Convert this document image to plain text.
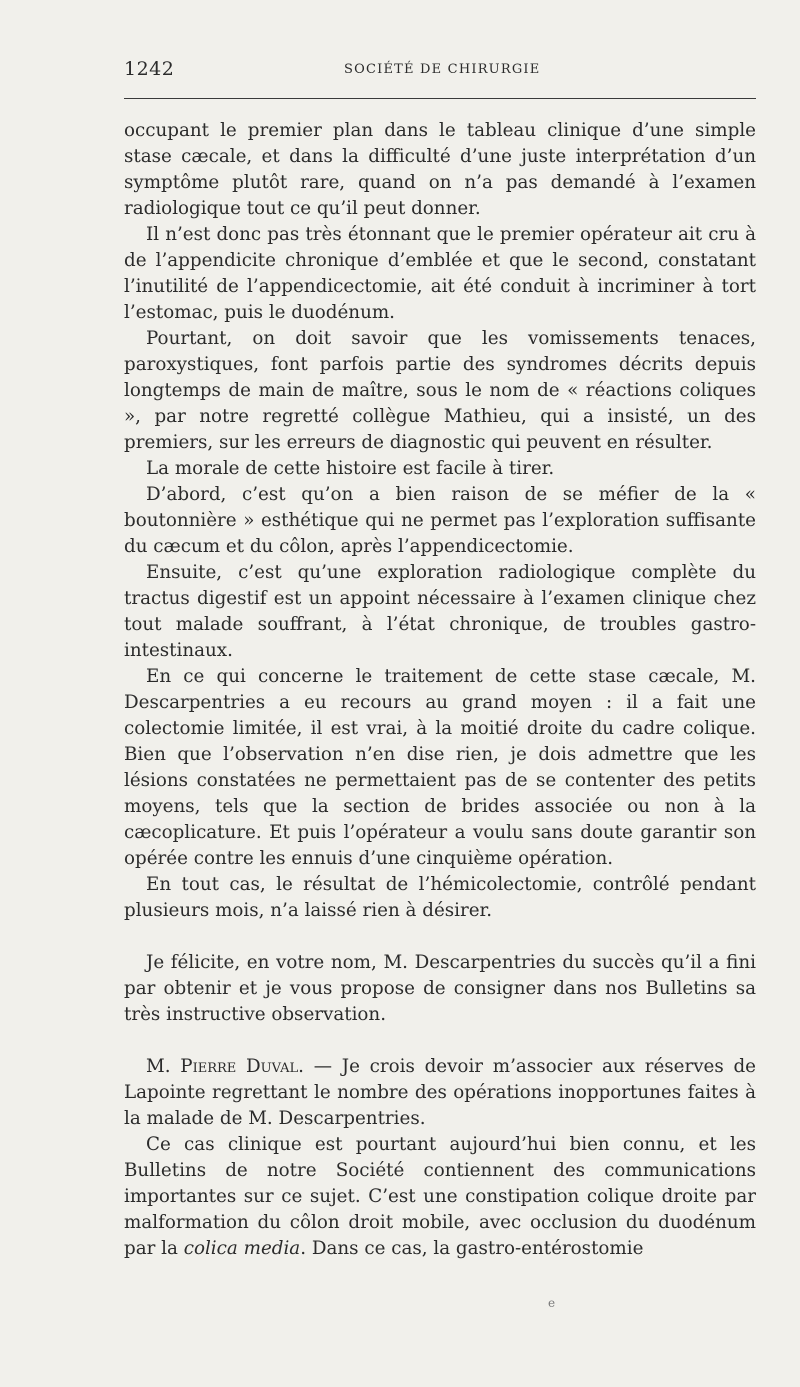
1242	SOCIÉTÉ DE CHIRURGIE

occupant le premier plan dans le tableau clinique d’une simple stase cæcale, et dans la difficulté d’une juste interprétation d’un symptôme plutôt rare, quand on n’a pas demandé à l’examen radiologique tout ce qu’il peut donner.

Il n’est donc pas très étonnant que le premier opérateur ait cru à de l’appendicite chronique d’emblée et que le second, constatant l’inutilité de l’appendicectomie, ait été conduit à incriminer à tort l’estomac, puis le duodénum.

Pourtant, on doit savoir que les vomissements tenaces, paroxystiques, font parfois partie des syndromes décrits depuis longtemps de main de maître, sous le nom de « réactions coliques », par notre regretté collègue Mathieu, qui a insisté, un des premiers, sur les erreurs de diagnostic qui peuvent en résulter.

La morale de cette histoire est facile à tirer.

D’abord, c’est qu’on a bien raison de se méfier de la « boutonnière » esthétique qui ne permet pas l’exploration suffisante du cæcum et du côlon, après l’appendicectomie.

Ensuite, c’est qu’une exploration radiologique complète du tractus digestif est un appoint nécessaire à l’examen clinique chez tout malade souffrant, à l’état chronique, de troubles gastro-intestinaux.

En ce qui concerne le traitement de cette stase cæcale, M. Descarpentries a eu recours au grand moyen : il a fait une colectomie limitée, il est vrai, à la moitié droite du cadre colique. Bien que l’observation n’en dise rien, je dois admettre que les lésions constatées ne permettaient pas de se contenter des petits moyens, tels que la section de brides associée ou non à la cæcoplicature. Et puis l’opérateur a voulu sans doute garantir son opérée contre les ennuis d’une cinquième opération.

En tout cas, le résultat de l’hémicolectomie, contrôlé pendant plusieurs mois, n’a laissé rien à désirer.

Je félicite, en votre nom, M. Descarpentries du succès qu’il a fini par obtenir et je vous propose de consigner dans nos Bulletins sa très instructive observation.

M. Pierre Duval. — Je crois devoir m’associer aux réserves de Lapointe regrettant le nombre des opérations inopportunes faites à la malade de M. Descarpentries.

Ce cas clinique est pourtant aujourd’hui bien connu, et les Bulletins de notre Société contiennent des communications importantes sur ce sujet. C’est une constipation colique droite par malformation du côlon droit mobile, avec occlusion du duodénum par la colica media. Dans ce cas, la gastro-entérostomie

e
